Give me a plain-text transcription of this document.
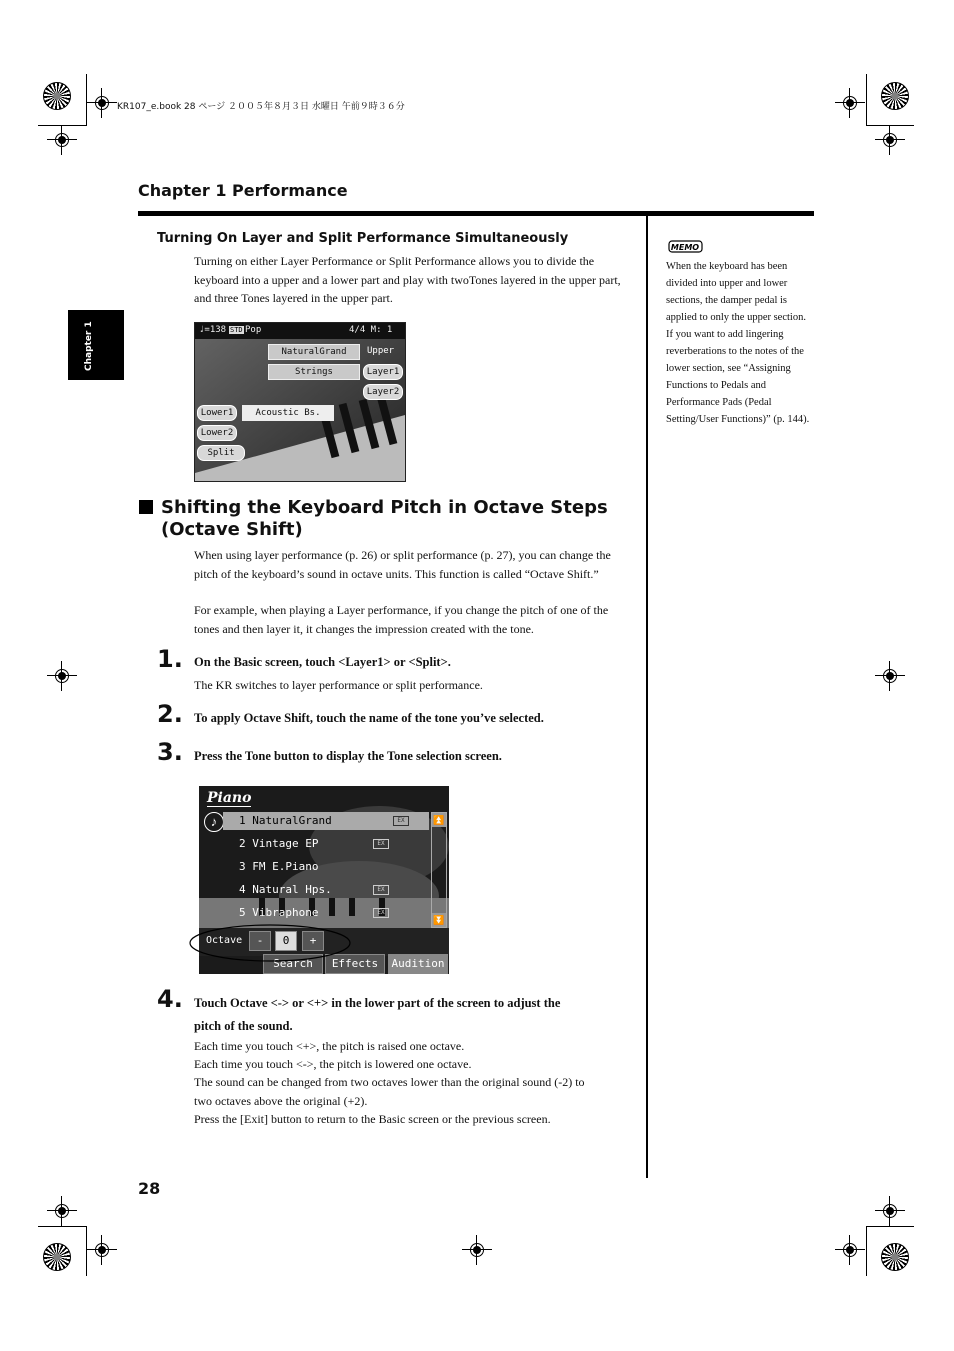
KR107_e.book 28 ページ ２００５年８月３日 水曜日 午前９時３６分
Chapter 1 Performance
Chapter 1
Turning On Layer and Split Performance Simultaneously
Turning on either Layer Performance or Split Performance allows you to divide the keyboard into a upper and a lower part and play with twoTones layered in the upper part, and three Tones layered in the upper part.
♩=138 STD Pop	4/4 M: 1
NaturalGrand	Upper
Strings	Layer1
Layer2
Lower1	Acoustic Bs.
Lower2
Split
Shifting the Keyboard Pitch in Octave Steps
(Octave Shift)
When using layer performance (p. 26) or split performance (p. 27), you can change the pitch of the keyboard’s sound in octave units. This function is called “Octave Shift.”
For example, when playing a Layer performance, if you change the pitch of one of the tones and then layer it, it changes the impression created with the tone.
1. On the Basic screen, touch <Layer1> or <Split>.
The KR switches to layer performance or split performance.
2. To apply Octave Shift, touch the name of the tone you’ve selected.
3. Press the Tone button to display the Tone selection screen.
Piano
♪	1 NaturalGrand	EX
2 Vintage EP	EX
3 FM E.Piano
4 Natural Hps.	EX
5 Vibraphone	EX
⏫
⏬
Octave	-	0	+
Search	Effects	Audition
4. Touch Octave <-> or <+> in the lower part of the screen to adjust the
pitch of the sound.
Each time you touch <+>, the pitch is raised one octave.
Each time you touch <->, the pitch is lowered one octave.
The sound can be changed from two octaves lower than the original sound (-2) to
two octaves above the original (+2).
Press the [Exit] button to return to the Basic screen or the previous screen.
MEMO
When the keyboard has been divided into upper and lower sections, the damper pedal is applied to only the upper section. If you want to add lingering reverberations to the notes of the lower section, see “Assigning Functions to Pedals and Performance Pads (Pedal Setting/User Functions)” (p. 144).
28
